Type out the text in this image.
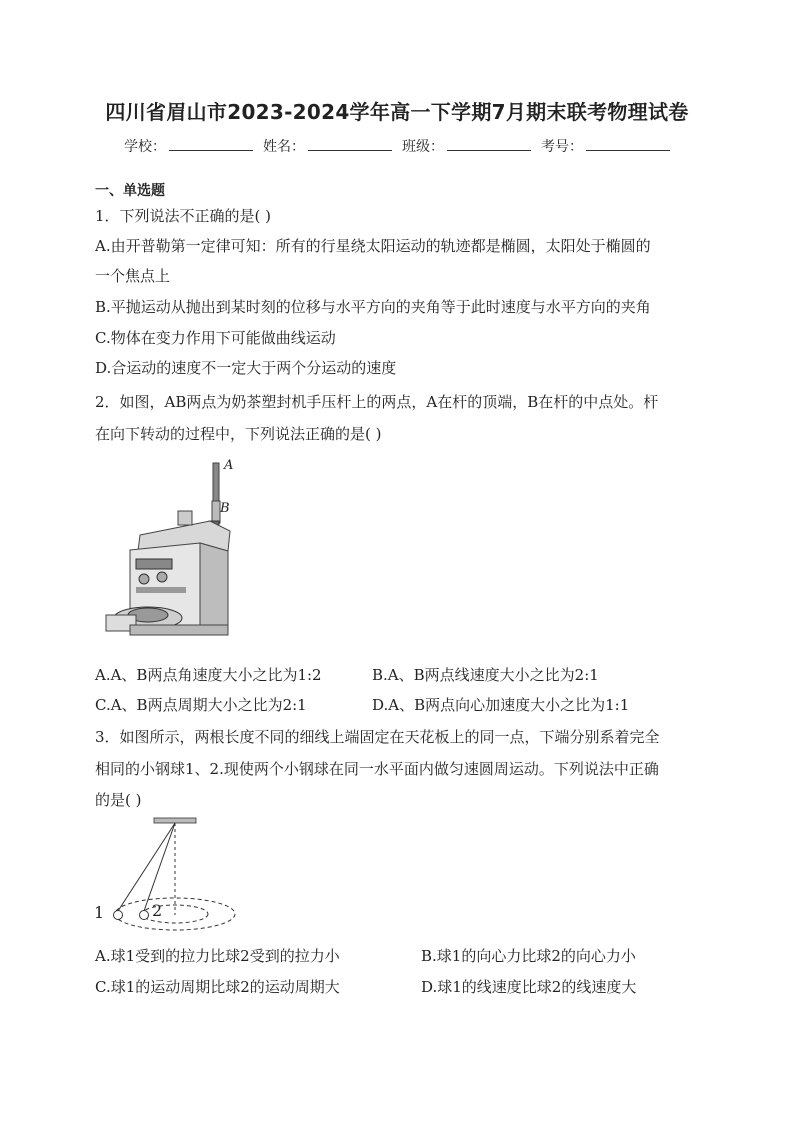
四川省眉山市2023-2024学年高一下学期7月期末联考物理试卷
学校：	姓名：	班级：	考号：
一、单选题
1．下列说法不正确的是( )
A.由开普勒第一定律可知：所有的行星绕太阳运动的轨迹都是椭圆，太阳处于椭圆的
一个焦点上
B.平抛运动从抛出到某时刻的位移与水平方向的夹角等于此时速度与水平方向的夹角
C.物体在变力作用下可能做曲线运动
D.合运动的速度不一定大于两个分运动的速度
2．如图，AB两点为奶茶塑封机手压杆上的两点，A在杆的顶端，B在杆的中点处。杆
在向下转动的过程中，下列说法正确的是( )
A
B
A.A、B两点角速度大小之比为1:2	B.A、B两点线速度大小之比为2:1
C.A、B两点周期大小之比为2:1	D.A、B两点向心加速度大小之比为1:1
3．如图所示，两根长度不同的细线上端固定在天花板上的同一点，下端分别系着完全
相同的小钢球1、2.现使两个小钢球在同一水平面内做匀速圆周运动。下列说法中正确
的是( )
1	2
A.球1受到的拉力比球2受到的拉力小	B.球1的向心力比球2的向心力小
C.球1的运动周期比球2的运动周期大	D.球1的线速度比球2的线速度大
